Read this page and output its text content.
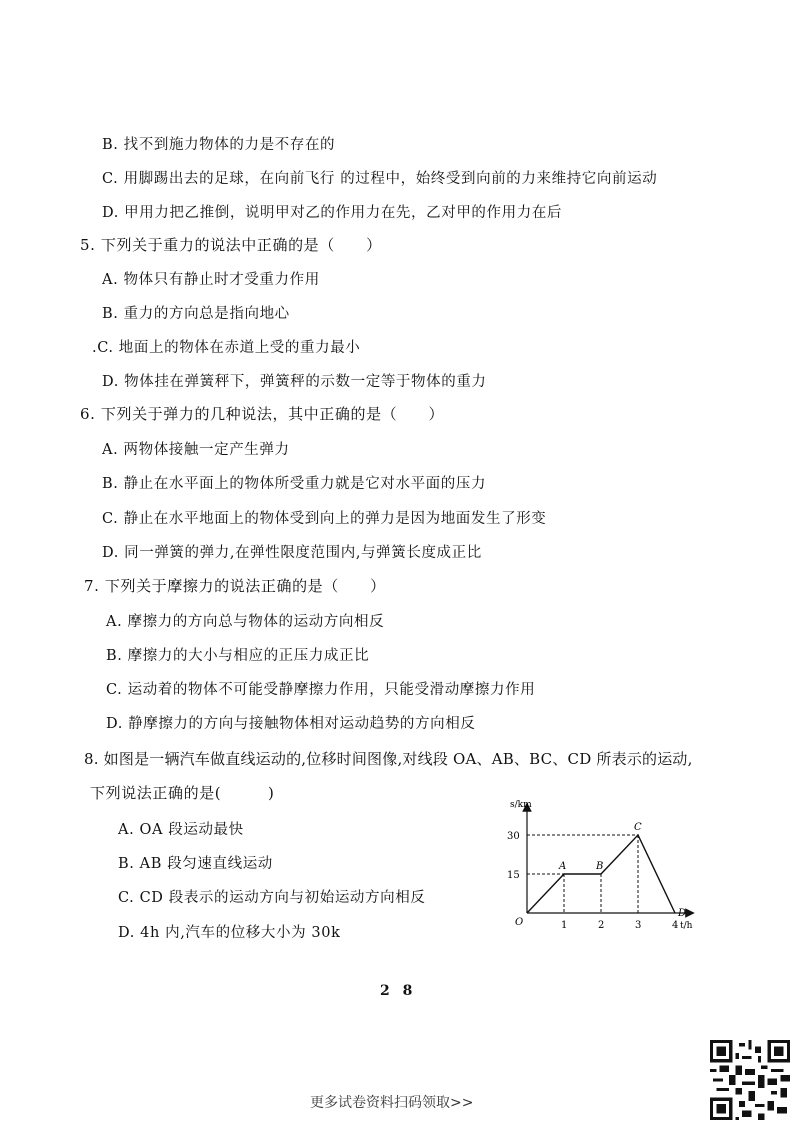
B. 找不到施力物体的力是不存在的
C. 用脚踢出去的足球，在向前飞行 的过程中，始终受到向前的力来维持它向前运动
D. 甲用力把乙推倒，说明甲对乙的作用力在先，乙对甲的作用力在后
5. 下列关于重力的说法中正确的是（　　）
A. 物体只有静止时才受重力作用
B. 重力的方向总是指向地心
.C. 地面上的物体在赤道上受的重力最小
D. 物体挂在弹簧秤下，弹簧秤的示数一定等于物体的重力
6. 下列关于弹力的几种说法，其中正确的是（　　）
A. 两物体接触一定产生弹力
B. 静止在水平面上的物体所受重力就是它对水平面的压力
C. 静止在水平地面上的物体受到向上的弹力是因为地面发生了形变
D. 同一弹簧的弹力,在弹性限度范围内,与弹簧长度成正比
7. 下列关于摩擦力的说法正确的是（　　）
A. 摩擦力的方向总与物体的运动方向相反
B. 摩擦力的大小与相应的正压力成正比
C. 运动着的物体不可能受静摩擦力作用，只能受滑动摩擦力作用
D. 静摩擦力的方向与接触物体相对运动趋势的方向相反
8. 如图是一辆汽车做直线运动的,位移时间图像,对线段 OA、AB、BC、CD 所表示的运动,
下列说法正确的是(　　　)
A. OA 段运动最快
B. AB 段匀速直线运动
C. CD 段表示的运动方向与初始运动方向相反
D. 4h 内,汽车的位移大小为 30k
s/km
t/h
1	2	3	4
15
30
O
A	B
C
D
2 8
更多试卷资料扫码领取>>
